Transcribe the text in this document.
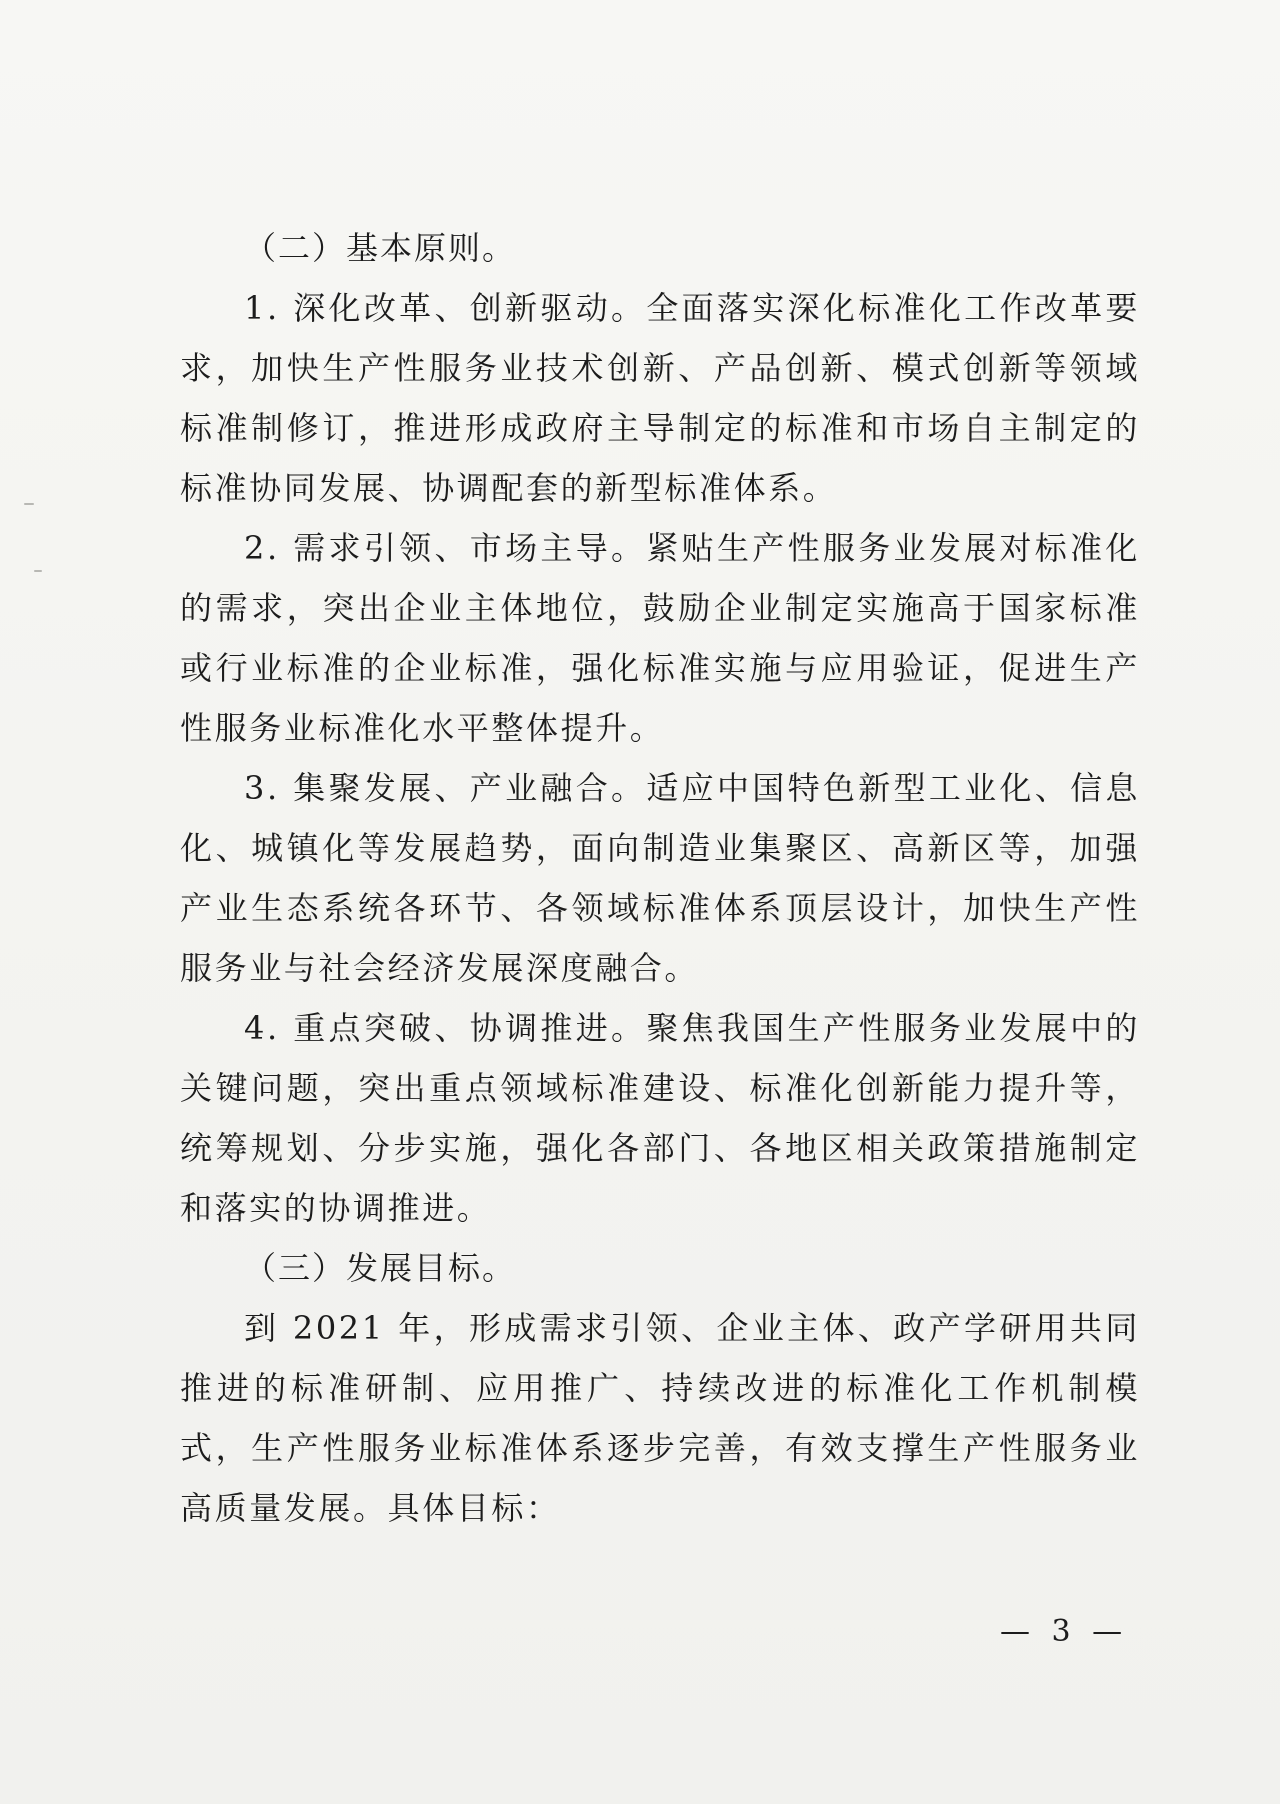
（二）基本原则。

1. 深化改革、创新驱动。全面落实深化标准化工作改革要求，加快生产性服务业技术创新、产品创新、模式创新等领域标准制修订，推进形成政府主导制定的标准和市场自主制定的标准协同发展、协调配套的新型标准体系。

2. 需求引领、市场主导。紧贴生产性服务业发展对标准化的需求，突出企业主体地位，鼓励企业制定实施高于国家标准或行业标准的企业标准，强化标准实施与应用验证，促进生产性服务业标准化水平整体提升。

3. 集聚发展、产业融合。适应中国特色新型工业化、信息化、城镇化等发展趋势，面向制造业集聚区、高新区等，加强产业生态系统各环节、各领域标准体系顶层设计，加快生产性服务业与社会经济发展深度融合。

4. 重点突破、协调推进。聚焦我国生产性服务业发展中的关键问题，突出重点领域标准建设、标准化创新能力提升等，统筹规划、分步实施，强化各部门、各地区相关政策措施制定和落实的协调推进。

（三）发展目标。

到 2021 年，形成需求引领、企业主体、政产学研用共同推进的标准研制、应用推广、持续改进的标准化工作机制模式，生产性服务业标准体系逐步完善，有效支撑生产性服务业高质量发展。具体目标：

— 3 —
